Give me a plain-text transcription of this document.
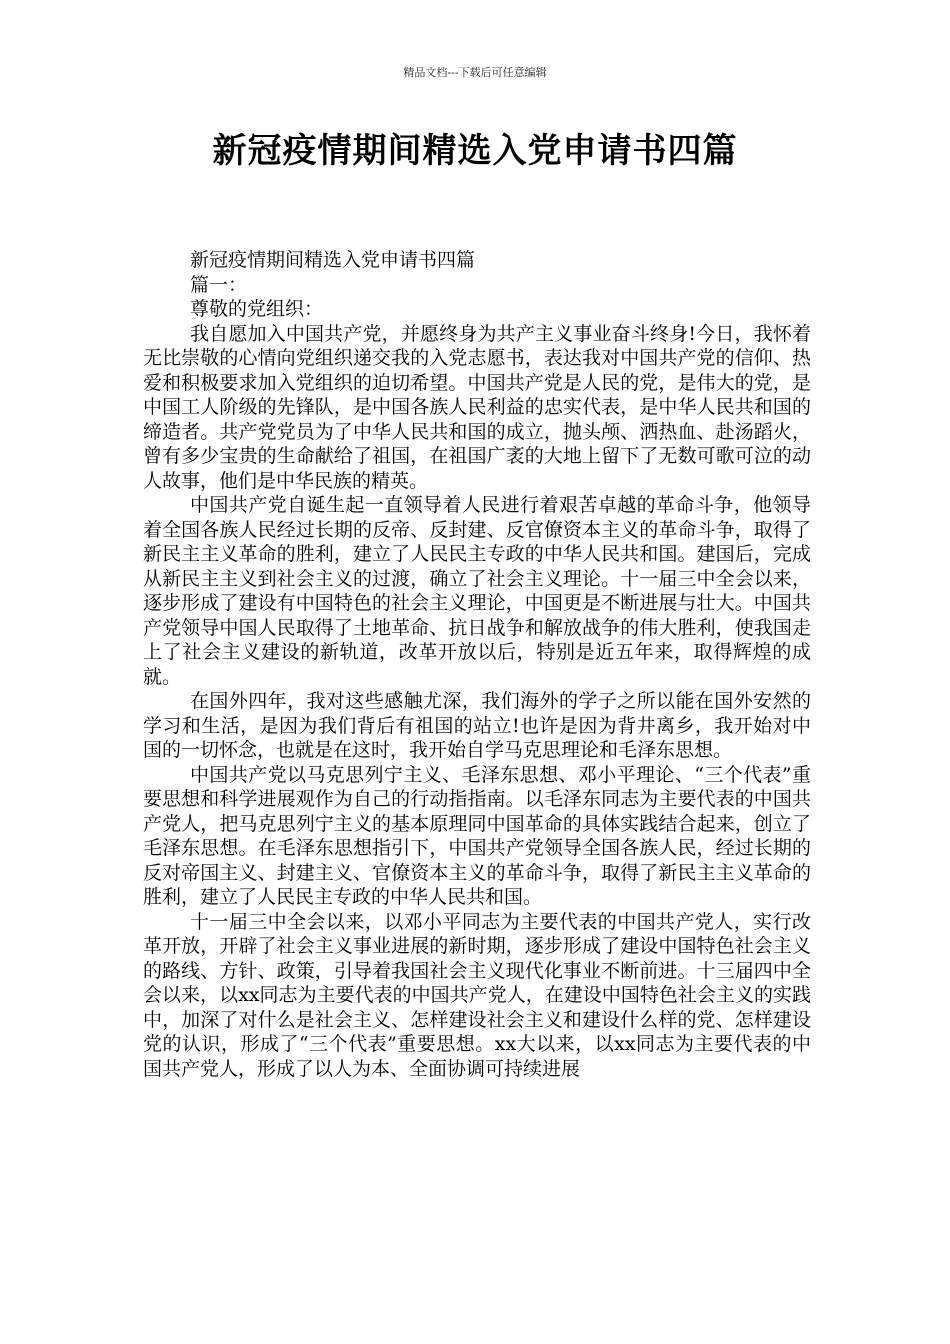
精品文档---下载后可任意编辑
新冠疫情期间精选入党申请书四篇

新冠疫情期间精选入党申请书四篇

篇一：

尊敬的党组织：

我自愿加入中国共产党，并愿终身为共产主义事业奋斗终身!今日，我怀着无比崇敬的心情向党组织递交我的入党志愿书，表达我对中国共产党的信仰、热爱和积极要求加入党组织的迫切希望。中国共产党是人民的党，是伟大的党，是中国工人阶级的先锋队，是中国各族人民利益的忠实代表，是中华人民共和国的缔造者。共产党党员为了中华人民共和国的成立，抛头颅、洒热血、赴汤蹈火，曾有多少宝贵的生命献给了祖国，在祖国广袤的大地上留下了无数可歌可泣的动人故事，他们是中华民族的精英。

中国共产党自诞生起一直领导着人民进行着艰苦卓越的革命斗争，他领导着全国各族人民经过长期的反帝、反封建、反官僚资本主义的革命斗争，取得了新民主主义革命的胜利，建立了人民民主专政的中华人民共和国。建国后，完成从新民主主义到社会主义的过渡，确立了社会主义理论。十一届三中全会以来，逐步形成了建设有中国特色的社会主义理论，中国更是不断进展与壮大。中国共产党领导中国人民取得了土地革命、抗日战争和解放战争的伟大胜利，使我国走上了社会主义建设的新轨道，改革开放以后，特别是近五年来，取得辉煌的成就。

在国外四年，我对这些感触尤深，我们海外的学子之所以能在国外安然的学习和生活，是因为我们背后有祖国的站立!也许是因为背井离乡，我开始对中国的一切怀念，也就是在这时，我开始自学马克思理论和毛泽东思想。

中国共产党以马克思列宁主义、毛泽东思想、邓小平理论、“三个代表”重要思想和科学进展观作为自己的行动指指南。以毛泽东同志为主要代表的中国共产党人，把马克思列宁主义的基本原理同中国革命的具体实践结合起来，创立了毛泽东思想。在毛泽东思想指引下，中国共产党领导全国各族人民，经过长期的反对帝国主义、封建主义、官僚资本主义的革命斗争，取得了新民主主义革命的胜利，建立了人民民主专政的中华人民共和国。

十一届三中全会以来，以邓小平同志为主要代表的中国共产党人，实行改革开放，开辟了社会主义事业进展的新时期，逐步形成了建设中国特色社会主义的路线、方针、政策，引导着我国社会主义现代化事业不断前进。十三届四中全会以来，以xx同志为主要代表的中国共产党人，在建设中国特色社会主义的实践中，加深了对什么是社会主义、怎样建设社会主义和建设什么样的党、怎样建设党的认识，形成了“三个代表”重要思想。xx大以来，以xx同志为主要代表的中国共产党人，形成了以人为本、全面协调可持续进展
